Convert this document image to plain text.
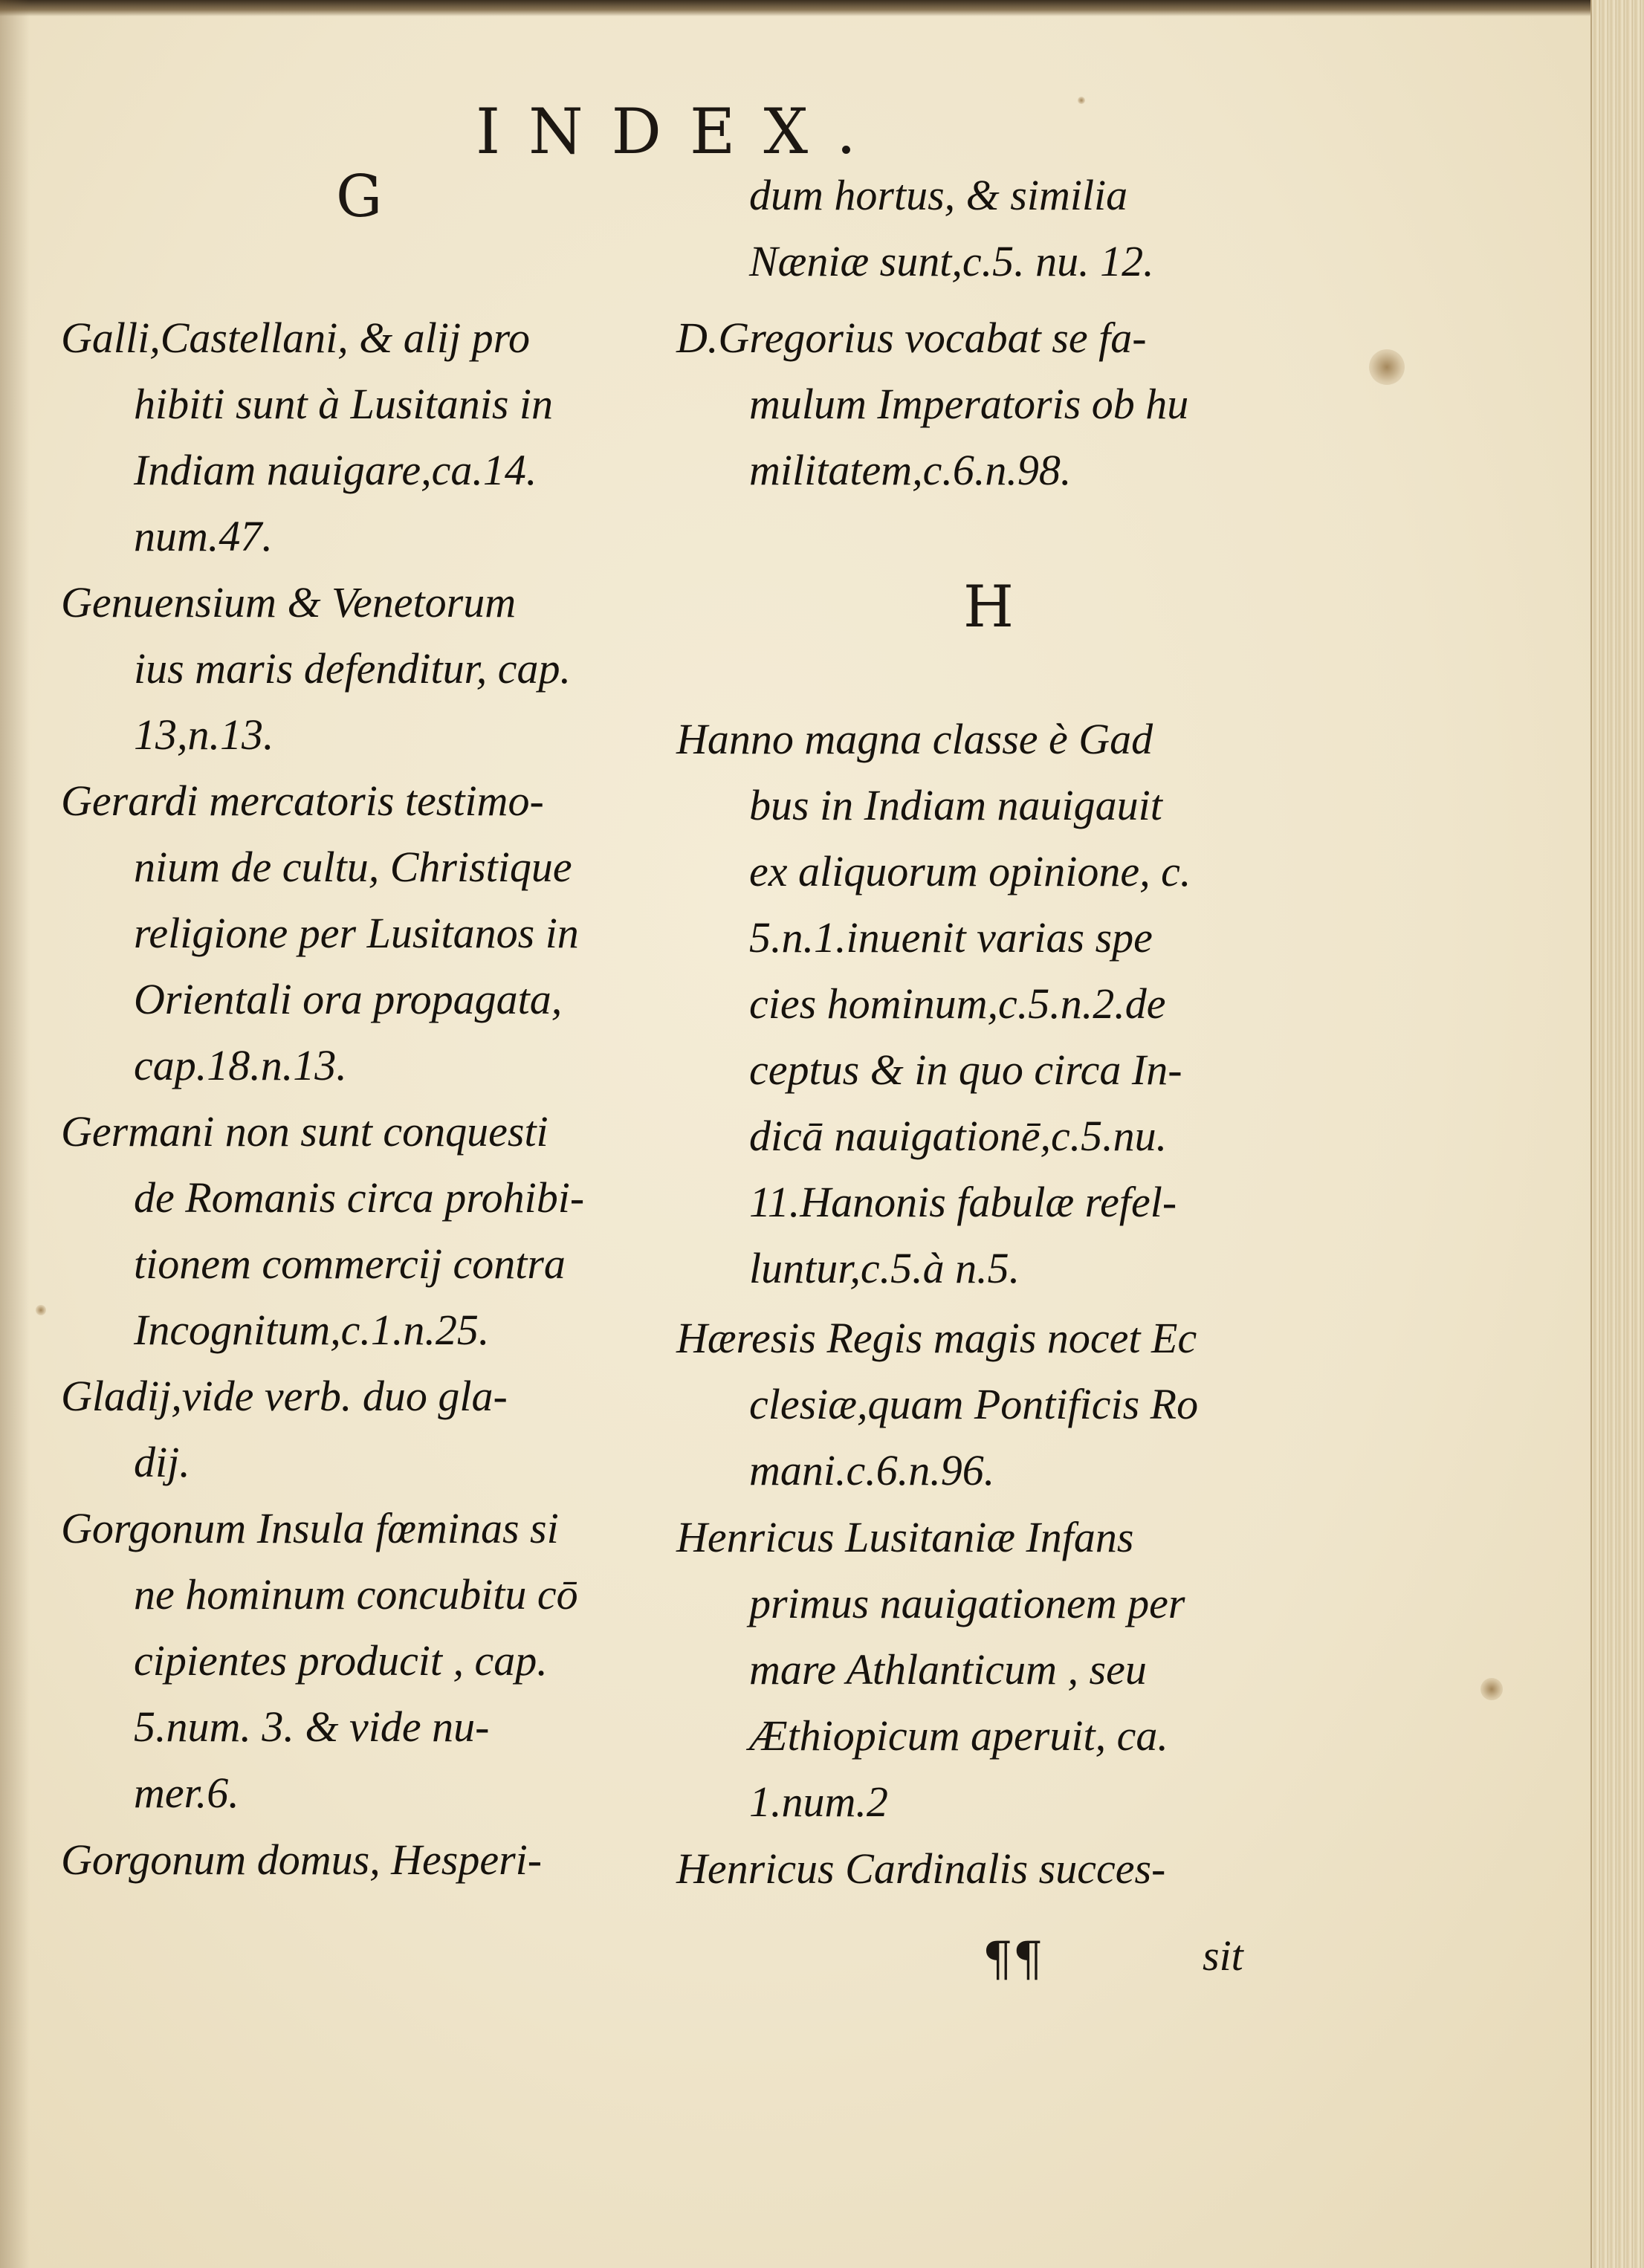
INDEX.
G
H

Galli,Castellani, & alij pro
hibiti sunt à Lusitanis in
Indiam nauigare,ca.14.
num.47.

Genuensium & Venetorum
ius maris defenditur, cap.
13,n.13.

Gerardi mercatoris testimo-
nium de cultu, Christique
religione per Lusitanos in
Orientali ora propagata,
cap.18.n.13.

Germani non sunt conquesti
de Romanis circa prohibi-
tionem commercij contra
Incognitum,c.1.n.25.

Gladij,vide verb. duo gla-
dij.

Gorgonum Insula fœminas si
ne hominum concubitu cō
cipientes producit , cap.
5.num. 3. & vide nu-
mer.6.

Gorgonum domus, Hesperi-

dum hortus, & similia
Næniæ sunt,c.5. nu. 12.

D.Gregorius vocabat se fa-
mulum Imperatoris ob hu
militatem,c.6.n.98.

Hanno magna classe è Gad
bus in Indiam nauigauit
ex aliquorum opinione, c.
5.n.1.inuenit varias spe
cies hominum,c.5.n.2.de
ceptus & in quo circa In-
dicā nauigationē,c.5.nu.
11.Hanonis fabulæ refel-
luntur,c.5.à n.5.

Hæresis Regis magis nocet Ec
clesiæ,quam Pontificis Ro
mani.c.6.n.96.

Henricus Lusitaniæ Infans
primus nauigationem per
mare Athlanticum , seu
Æthiopicum aperuit, ca.
1.num.2

Henricus Cardinalis succes-

¶¶	sit
